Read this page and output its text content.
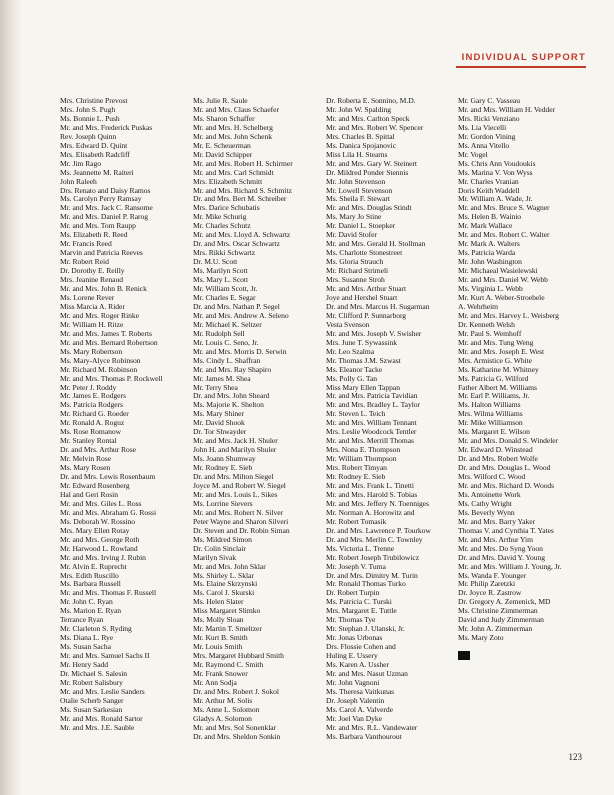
INDIVIDUAL SUPPORT
Mrs. Christine Prevost
Mrs. John S. Pugh
Ms. Bonnie L. Push
Mr. and Mrs. Frederick Puskas
Rev. Joseph Quinn
Mrs. Edward D. Quint
Mrs. Elisabeth Radcliff
Mr. Jim Rago
Ms. Jeannette M. Raiteri
John Raleeh
Drs. Renato and Daisy Ramos
Ms. Carolyn Perry Ramsay
Mr. and Mrs. Jack C. Ransome
Mr. and Mrs. Daniel P. Rarog
Mr. and Mrs. Tom Raupp
Ms. Elizabeth R. Reed
Mr. Francis Reed
Marvin and Patricia Reeves
Mr. Robert Reid
Dr. Dorothy E. Reilly
Mrs. Jeanine Renaud
Mr. and Mrs. John B. Renick
Ms. Lorene Rever
Miss Marcia A. Rider
Mr. and Mrs. Roger Rinke
Mr. William H. Ritze
Mr. and Mrs. James T. Roberts
Mr. and Mrs. Bernard Robertson
Ms. Mary Robertson
Ms. Mary-Alyce Robinson
Mr. Richard M. Robinson
Mr. and Mrs. Thomas P. Rockwell
Mr. Peter J. Roddy
Mr. James E. Rodgers
Ms. Patricia Rodgers
Mr. Richard G. Roeder
Mr. Ronald A. Roguz
Ms. Rose Romanow
Mr. Stanley Rontal
Dr. and Mrs. Arthur Rose
Mr. Melvin Rose
Ms. Mary Rosen
Dr. and Mrs. Lewis Rosenbaum
Mr. Edward Rosenberg
Hal and Geri Rosin
Mr. and Mrs. Giles L. Ross
Mr. and Mrs. Abraham G. Rossi
Ms. Deborah W. Rossino
Mrs. Mary Ellen Rotay
Mr. and Mrs. George Roth
Mr. Harwood L. Rowland
Mr. and Mrs. Irving J. Rubin
Mr. Alvin E. Ruprecht
Mrs. Edith Ruscillo
Ms. Barbara Russell
Mr. and Mrs. Thomas F. Russell
Mr. John C. Ryan
Ms. Marion E. Ryan
Terrance Ryan
Mr. Clarleton S. Ryding
Ms. Diana L. Rye
Ms. Susan Sacha
Mr. and Mrs. Samuel Sachs II
Mr. Henry Sadd
Dr. Michael S. Salesin
Mr. Robert Salisbury
Mr. and Mrs. Leslie Sanders
Otalie Scherb Sanger
Ms. Susan Sarkesian
Mr. and Mrs. Ronald Sartor
Mr. and Mrs. J.E. Sauble
Ms. Julie R. Saule
Mr. and Mrs. Claus Schaefer
Ms. Sharon Schaffer
Mr. and Mrs. H. Schelberg
Mr. and Mrs. John Schenk
Mr. E. Scheuerman
Mr. David Schipper
Mr. and Mrs. Robert H. Schirmer
Mr. and Mrs. Carl Schmidt
Mrs. Elizabeth Schmitt
Mr. and Mrs. Richard S. Schmitz
Dr. and Mrs. Bert M. Schreiber
Mrs. Darice Schubatis
Mr. Mike Schurig
Mr. Charles Schutz
Mr. and Mrs. Lloyd A. Schwartz
Dr. and Mrs. Oscar Schwartz
Mrs. Rikki Schwartz
Dr. M.U. Scott
Ms. Marilyn Scott
Ms. Mary L. Scott
Mr. William Scott, Jr.
Mr. Charles E. Segar
Dr. and Mrs. Nathan P. Segel
Mr. and Mrs. Andrew A. Seleno
Mr. Michael K. Seltzer
Mr. Rudolph Sell
Mr. Louis C. Seno, Jr.
Mr. and Mrs. Morris D. Serwin
Ms. Cindy L. Shaffran
Mr. and Mrs. Ray Shapiro
Mr. James M. Shea
Mr. Terry Shea
Dr. and Mrs. John Sheard
Ms. Majorie K. Shelton
Ms. Mary Shiner
Mr. David Shook
Dr. Tor Shwayder
Mr. and Mrs. Jack H. Shuler
John H. and Marilyn Shuler
Ms. Joann Shumway
Mr. Rodney E. Sieb
Dr. and Mrs. Milton Siegel
Joyce M. and Robert W. Siegel
Mr. and Mrs. Louis L. Sikes
Ms. Lorrine Sievers
Mr. and Mrs. Robert N. Silver
Peter Wayne and Sharon Silveri
Dr. Steven and Dr. Robin Siman
Ms. Mildred Simon
Dr. Colin Sinclair
Marilyn Sivak
Mr. and Mrs. John Sklar
Ms. Shirley L. Sklar
Ms. Elaine Skrzynski
Ms. Carol J. Skurski
Ms. Helen Slater
Miss Margaret Slimko
Ms. Molly Sloan
Mr. Martin T. Smeltzer
Mr. Kurt B. Smith
Mr. Louis Smith
Mrs. Margaret Hubbard Smith
Mr. Raymond C. Smith
Mr. Frank Snower
Mr. Ann Sodja
Dr. and Mrs. Robert J. Sokol
Mr. Arthur M. Solis
Ms. Anne L. Solomon
Gladys A. Solomon
Mr. and Mrs. Sol Sonenklar
Dr. and Mrs. Sheldon Sonkin
Dr. Roberta E. Sonnino, M.D.
Mr. John W. Spalding
Mr. and Mrs. Carlton Speck
Mr. and Mrs. Robert W. Spencer
Mrs. Charles B. Spittal
Ms. Danica Spojanovic
Miss Lila H. Stearns
Mr. and Mrs. Gary W. Steinert
Dr. Mildred Ponder Stennis
Mr. John Stevenson
Mr. Lowell Stevenson
Ms. Sheila F. Stewart
Mr. and Mrs. Douglas Stindt
Ms. Mary Jo Stine
Mr. Daniel L. Stoepker
Mr. David Stofer
Mr. and Mrs. Gerald H. Stollman
Ms. Charlotte Stonestreet
Ms. Gloria Strauch
Mr. Richard Strimeli
Mrs. Susanne Stroh
Mr. and Mrs. Arthur Stuart
Joye and Hershel Stuart
Dr. and Mrs. Marcus H. Sugarman
Mr. Clifford P. Sunnarborg
Vesta Svenson
Mr. and Mrs. Joseph V. Swisher
Mrs. June T. Sywassink
Mr. Leo Szalma
Mr. Thomas J.M. Szwast
Ms. Eleanor Tacke
Ms. Polly G. Tan
Miss Mary Ellen Tappan
Mr. and Mrs. Patricia Tavidian
Mr. and Mrs. Bradley L. Taylor
Mr. Steven L. Teich
Mr. and Mrs. William Tennant
Mrs. Leslie Woodcock Tentler
Mr. and Mrs. Merrill Thomas
Mrs. Nona E. Thompson
Mr. William Thompson
Mrs. Robert Timyan
Mr. Rodney E. Sieb
Mr. and Mrs. Frank L. Tinetti
Mr. and Mrs. Harold S. Tobias
Mr. and Mrs. Jeffery N. Toenniges
Mr. Norman A. Horowitz and
Mr. Robert Tomasik
Dr. and Mrs. Lawrence P. Tourkow
Dr. and Mrs. Merlin C. Townley
Ms. Victoria L. Trenne
Mr. Robert Joseph Trubilowicz
Mr. Joseph V. Tuma
Dr. and Mrs. Dimitry M. Turin
Mr. Ronald Thomas Turko
Dr. Robert Turpin
Ms. Patricia C. Turski
Mrs. Margaret E. Tuttle
Mr. Thomas Tye
Mr. Stephan J. Ulanski, Jr.
Mr. Jonas Urbonas
Drs. Flossie Cohen and
Huling E. Ussery
Ms. Karen A. Ussher
Mr. and Mrs. Nasut Uzman
Mr. John Vagnoni
Ms. Theresa Vaitkunas
Dr. Joseph Valentin
Ms. Carol A. Valverde
Mr. Joel Van Dyke
Mr. and Mrs. R.L. Vandewater
Ms. Barbara Vanthourout
Mr. Gary C. Vasseau
Mr. and Mrs. William H. Vedder
Mrs. Ricki Venziano
Ms. Lia Viecelli
Mr. Gordon Vining
Ms. Anna Vitello
Mr. Vogel
Ms. Chris Ann Voudoukis
Ms. Marina V. Von Wyss
Mr. Charles Vranian
Doris Keith Waddell
Mr. William A. Wade, Jr.
Mr. and Mrs. Bruce S. Wagner
Ms. Helen B. Wainio
Mr. Mark Wallace
Mr. and Mrs. Robert C. Walter
Mr. Mark A. Walters
Ms. Patricia Warda
Mr. John Washington
Mr. Michaeal Wasielewski
Mr. and Mrs. Daniel W. Webb
Ms. Virginia L. Webb
Mr. Kurt A. Weber-Stroebele
A. Wehrheim
Mr. and Mrs. Harvey L. Weisberg
Dr. Kenneth Welsh
Mr. Paul S. Wemhoff
Mr. and Mrs. Tung Weng
Mr. and Mrs. Joseph E. West
Mrs. Armistice G. White
Ms. Katharine M. Whitney
Ms. Patricia G. Wilford
Father Albert M. Williams
Mr. Earl P. Williams, Jr.
Ms. Halton Williams
Mrs. Wilma Williams
Mr. Mike Williamson
Ms. Margaret E. Wilson
Mr. and Mrs. Donald S. Windeler
Mr. Edward D. Winstead
Dr. and Mrs. Robert Wolfe
Dr. and Mrs. Douglas L. Wood
Mrs. Wilford C. Wood
Mr. and Mrs. Richard D. Woods
Ms. Antoinette Work
Ms. Cathy Wright
Ms. Beverly Wynn
Mr. and Mrs. Barry Yaker
Thomas V. and Cynthia T. Yates
Mr. and Mrs. Arthur Yim
Mr. and Mrs. Do Syng Yoon
Dr. and Mrs. David Y. Young
Mr. and Mrs. William J. Young, Jr.
Ms. Wanda F. Younger
Mr. Philip Zaretzki
Dr. Joyce R. Zastrow
Dr. Gregory A. Zemenick, MD
Ms. Christine Zimmerman
David and Judy Zimmerman
Mr. John A. Zimmerman
Ms. Mary Zoto
123
